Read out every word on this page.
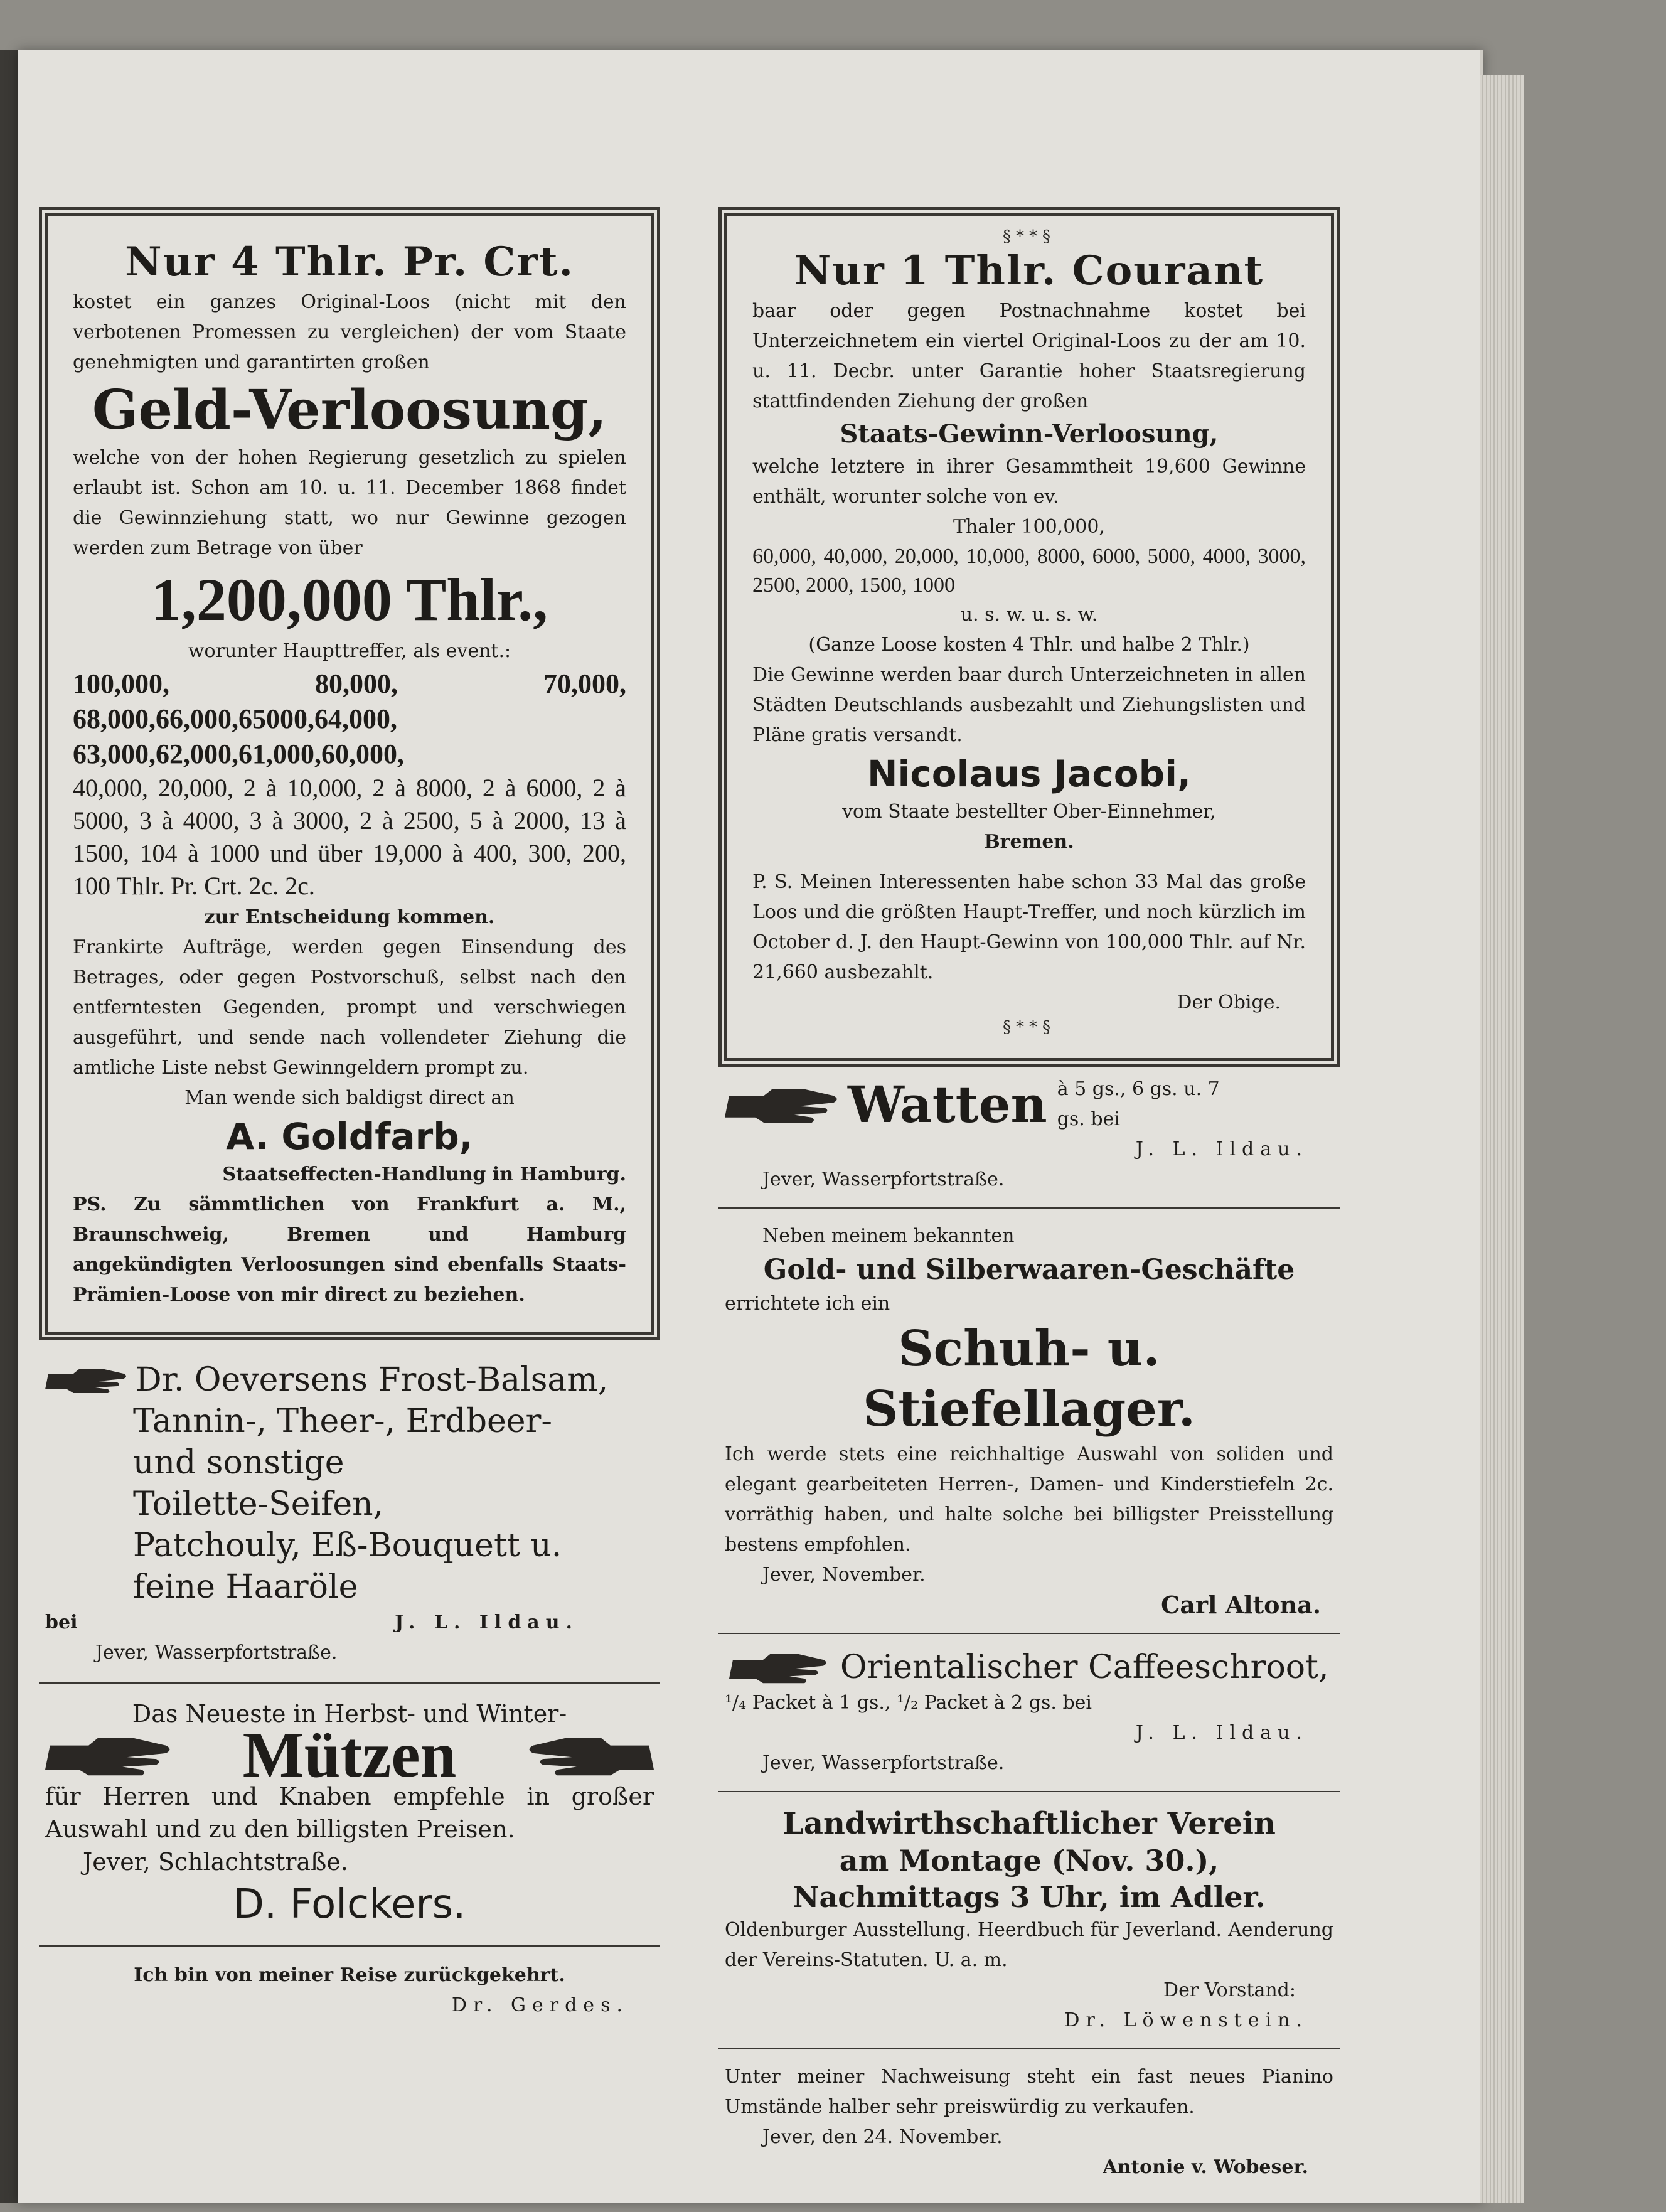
Nur 4 Thlr. Pr. Crt.
kostet ein ganzes Original-Loos (nicht mit den verbotenen Promessen zu vergleichen) der vom Staate genehmigten und garantirten großen
Geld-Verloosung,
welche von der hohen Regierung gesetzlich zu spielen erlaubt ist. Schon am 10. u. 11. December 1868 findet die Gewinnziehung statt, wo nur Gewinne gezogen werden zum Betrage von über
1,200,000 Thlr.,
worunter Haupttreffer, als event.:
100,000, 80,000, 70,000, 68,000,66,000,65000,64,000, 63,000,62,000,61,000,60,000,
40,000, 20,000, 2 à 10,000, 2 à 8000, 2 à 6000, 2 à 5000, 3 à 4000, 3 à 3000, 2 à 2500, 5 à 2000, 13 à 1500, 104 à 1000 und über 19,000 à 400, 300, 200, 100 Thlr. Pr. Crt. 2c. 2c.
zur Entscheidung kommen.
Frankirte Aufträge, werden gegen Einsendung des Betrages, oder gegen Postvorschuß, selbst nach den entferntesten Gegenden, prompt und verschwiegen ausgeführt, und sende nach vollendeter Ziehung die amtliche Liste nebst Gewinngeldern prompt zu.
Man wende sich baldigst direct an
A. Goldfarb,
Staatseffecten-Handlung in Hamburg.
PS. Zu sämmtlichen von Frankfurt a. M., Braunschweig, Bremen und Hamburg angekündigten Verloosungen sind ebenfalls Staats-Prämien-Loose von mir direct zu beziehen.
Dr. Oeversens Frost-Balsam,
Tannin-, Theer-, Erdbeer-
und sonstige
Toilette-Seifen,
Patchouly, Eß-Bouquett u.
feine Haaröle
bei	J. L. Ildau.
Jever, Wasserpfortstraße.
Das Neueste in Herbst- und Winter-
Mützen
für Herren und Knaben empfehle in großer Auswahl und zu den billigsten Preisen.
Jever, Schlachtstraße.
D. Folckers.
Ich bin von meiner Reise zurückgekehrt.
Dr. Gerdes.
§**§
Nur 1 Thlr. Courant
baar oder gegen Postnachnahme kostet bei Unterzeichnetem ein viertel Original-Loos zu der am 10. u. 11. Decbr. unter Garantie hoher Staatsregierung stattfindenden Ziehung der großen
Staats-Gewinn-Verloosung,
welche letztere in ihrer Gesammtheit 19,600 Gewinne enthält, worunter solche von ev.
Thaler 100,000,
60,000, 40,000, 20,000, 10,000, 8000, 6000, 5000, 4000, 3000, 2500, 2000, 1500, 1000
u. s. w. u. s. w.
(Ganze Loose kosten 4 Thlr. und halbe 2 Thlr.)
Die Gewinne werden baar durch Unterzeichneten in allen Städten Deutschlands ausbezahlt und Ziehungslisten und Pläne gratis versandt.
Nicolaus Jacobi,
vom Staate bestellter Ober-Einnehmer,
Bremen.
P. S. Meinen Interessenten habe schon 33 Mal das große Loos und die größten Haupt-Treffer, und noch kürzlich im October d. J. den Haupt-Gewinn von 100,000 Thlr. auf Nr. 21,660 ausbezahlt.
Der Obige.
§**§
Watten à 5 gs., 6 gs. u. 7 gs. bei
J. L. Ildau.
Jever, Wasserpfortstraße.
Neben meinem bekannten
Gold- und Silberwaaren-Geschäfte
errichtete ich ein
Schuh- u. Stiefellager.
Ich werde stets eine reichhaltige Auswahl von soliden und elegant gearbeiteten Herren-, Damen- und Kinderstiefeln 2c. vorräthig haben, und halte solche bei billigster Preisstellung bestens empfohlen.
Jever, November.
Carl Altona.
Orientalischer Caffeeschroot,
¹/₄ Packet à 1 gs., ¹/₂ Packet à 2 gs. bei
J. L. Ildau.
Jever, Wasserpfortstraße.
Landwirthschaftlicher Verein
am Montage (Nov. 30.),
Nachmittags 3 Uhr, im Adler.
Oldenburger Ausstellung. Heerdbuch für Jeverland. Aenderung der Vereins-Statuten. U. a. m.
Der Vorstand:
Dr. Löwenstein.
Unter meiner Nachweisung steht ein fast neues Pianino Umstände halber sehr preiswürdig zu verkaufen.
Jever, den 24. November.
Antonie v. Wobeser.
